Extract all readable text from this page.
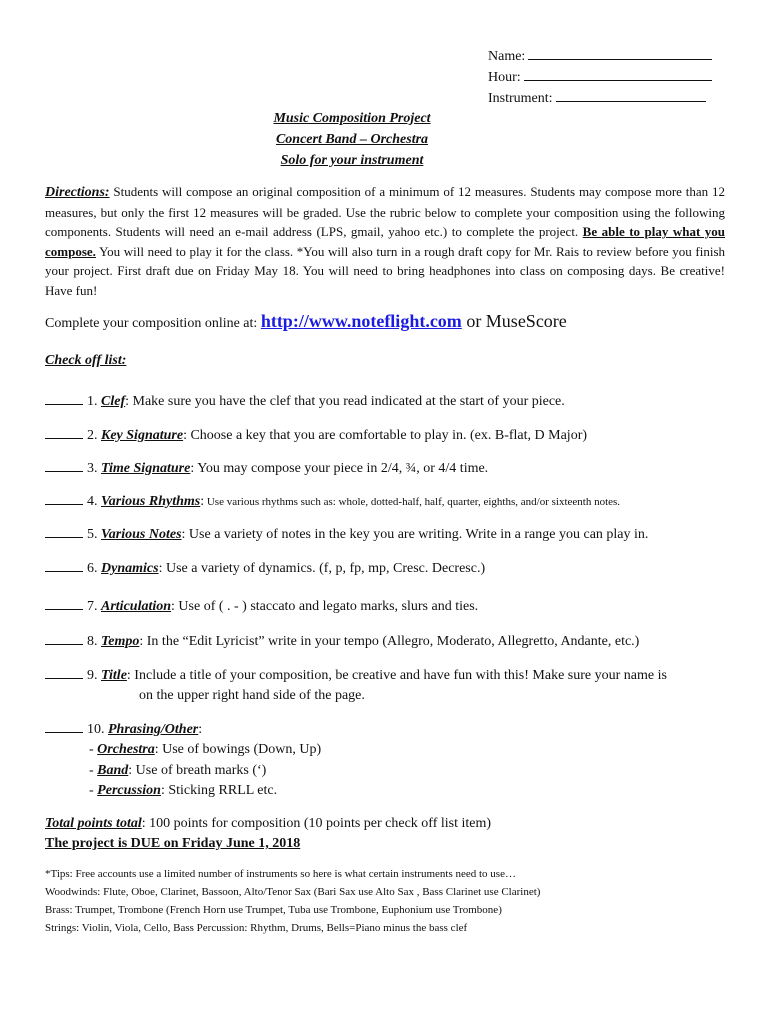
Name:
Hour:
Instrument:
Music Composition Project
Concert Band – Orchestra
Solo for your instrument
Directions: Students will compose an original composition of a minimum of 12 measures. Students may compose more than 12 measures, but only the first 12 measures will be graded. Use the rubric below to complete your composition using the following components. Students will need an e-mail address (LPS, gmail, yahoo etc.) to complete the project. Be able to play what you compose. You will need to play it for the class. *You will also turn in a rough draft copy for Mr. Rais to review before you finish your project. First draft due on Friday May 18. You will need to bring headphones into class on composing days. Be creative! Have fun!
Complete your composition online at: http://www.noteflight.com or MuseScore
Check off list:
1. Clef: Make sure you have the clef that you read indicated at the start of your piece.
2. Key Signature: Choose a key that you are comfortable to play in. (ex. B-flat, D Major)
3. Time Signature: You may compose your piece in 2/4, ¾, or 4/4 time.
4. Various Rhythms: Use various rhythms such as: whole, dotted-half, half, quarter, eighths, and/or sixteenth notes.
5. Various Notes: Use a variety of notes in the key you are writing. Write in a range you can play in.
6. Dynamics: Use a variety of dynamics. (f, p, fp, mp, Cresc. Decresc.)
7. Articulation: Use of ( . - ) staccato and legato marks, slurs and ties.
8. Tempo: In the “Edit Lyricist” write in your tempo (Allegro, Moderato, Allegretto, Andante, etc.)
9. Title: Include a title of your composition, be creative and have fun with this! Make sure your name is
on the upper right hand side of the page.
10. Phrasing/Other:
- Orchestra: Use of bowings (Down, Up)
- Band: Use of breath marks (‘)
- Percussion: Sticking RRLL etc.
Total points total: 100 points for composition (10 points per check off list item)
The project is DUE on Friday June 1, 2018
*Tips: Free accounts use a limited number of instruments so here is what certain instruments need to use…
Woodwinds: Flute, Oboe, Clarinet, Bassoon, Alto/Tenor Sax (Bari Sax use Alto Sax , Bass Clarinet use Clarinet)
Brass: Trumpet, Trombone (French Horn use Trumpet, Tuba use Trombone, Euphonium use Trombone)
Strings: Violin, Viola, Cello, Bass Percussion: Rhythm, Drums, Bells=Piano minus the bass clef
